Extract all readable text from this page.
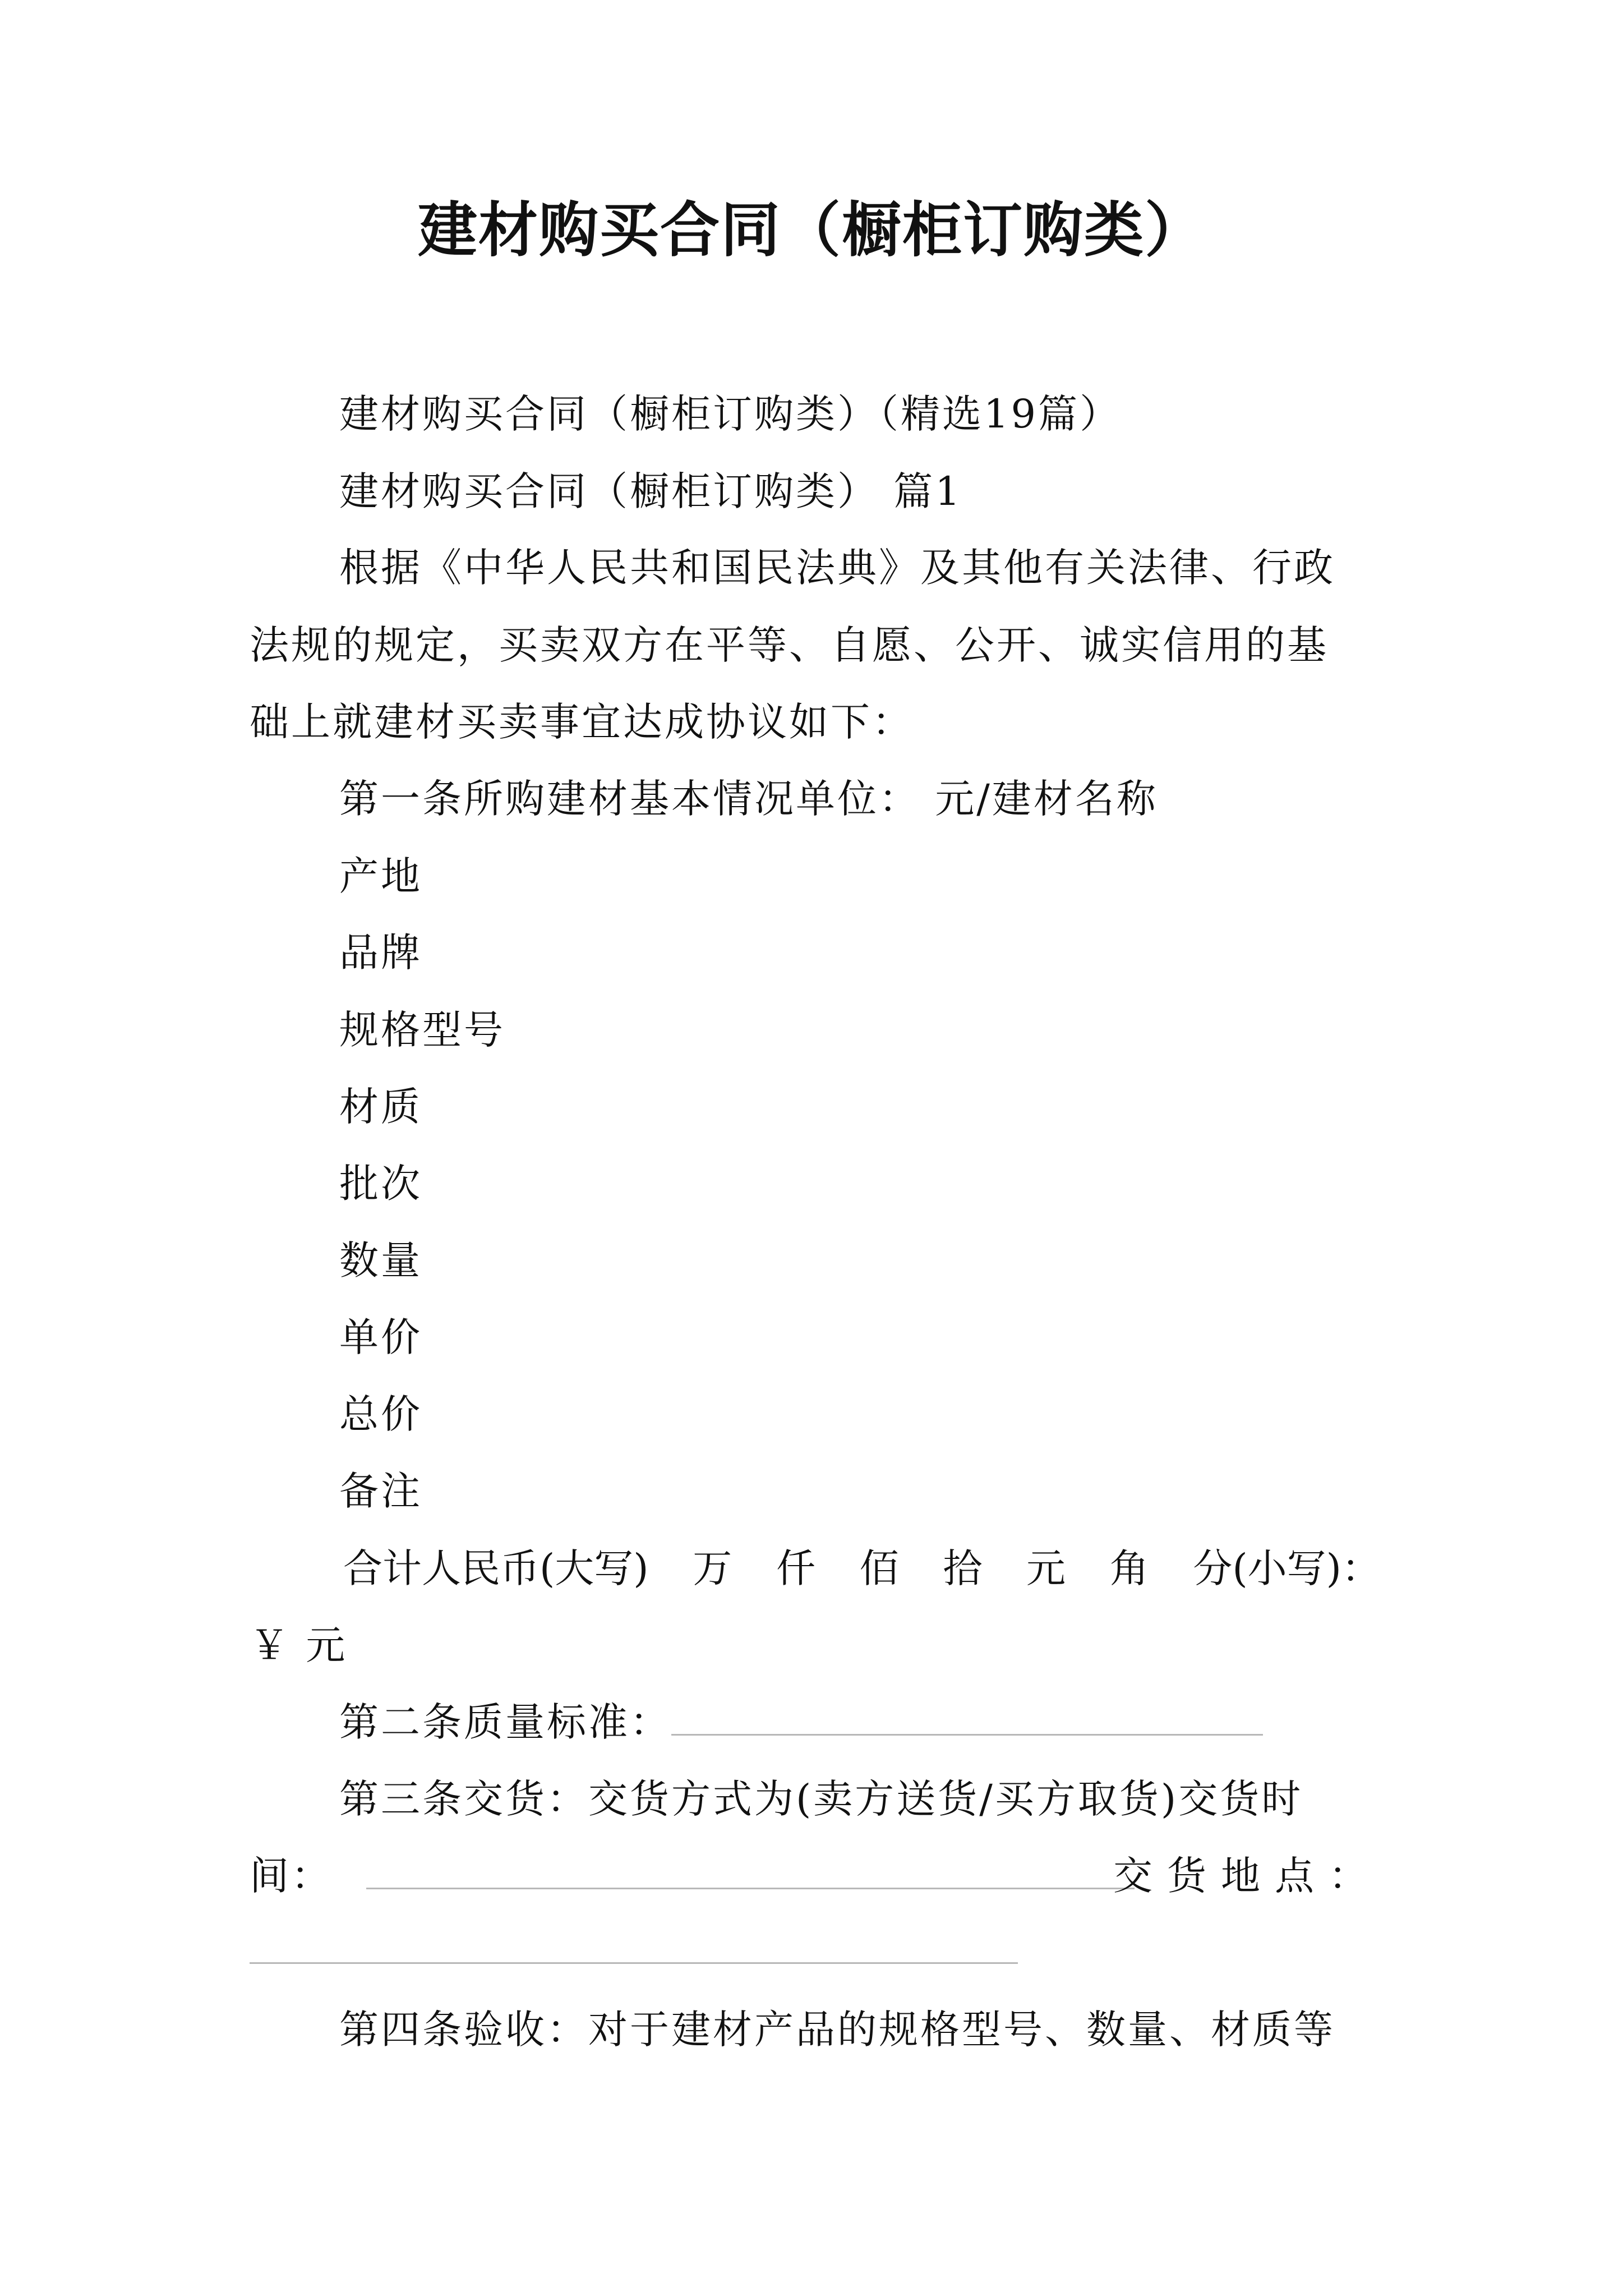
建材购买合同（橱柜订购类）
建材购买合同（橱柜订购类）（精选19篇）
建材购买合同（橱柜订购类） 篇1
根据《中华人民共和国民法典》及其他有关法律、行政
法规的规定，买卖双方在平等、自愿、公开、诚实信用的基
础上就建材买卖事宜达成协议如下：
第一条所购建材基本情况单位： 元/建材名称
产地
品牌
规格型号
材质
批次
数量
单价
总价
备注
合计人民币(大写) 万 仟 佰 拾 元 角 分(小写)：
￥ 元
第二条质量标准：
第三条交货：交货方式为(卖方送货/买方取货)交货时
间：	交货地点：
第四条验收：对于建材产品的规格型号、数量、材质等
